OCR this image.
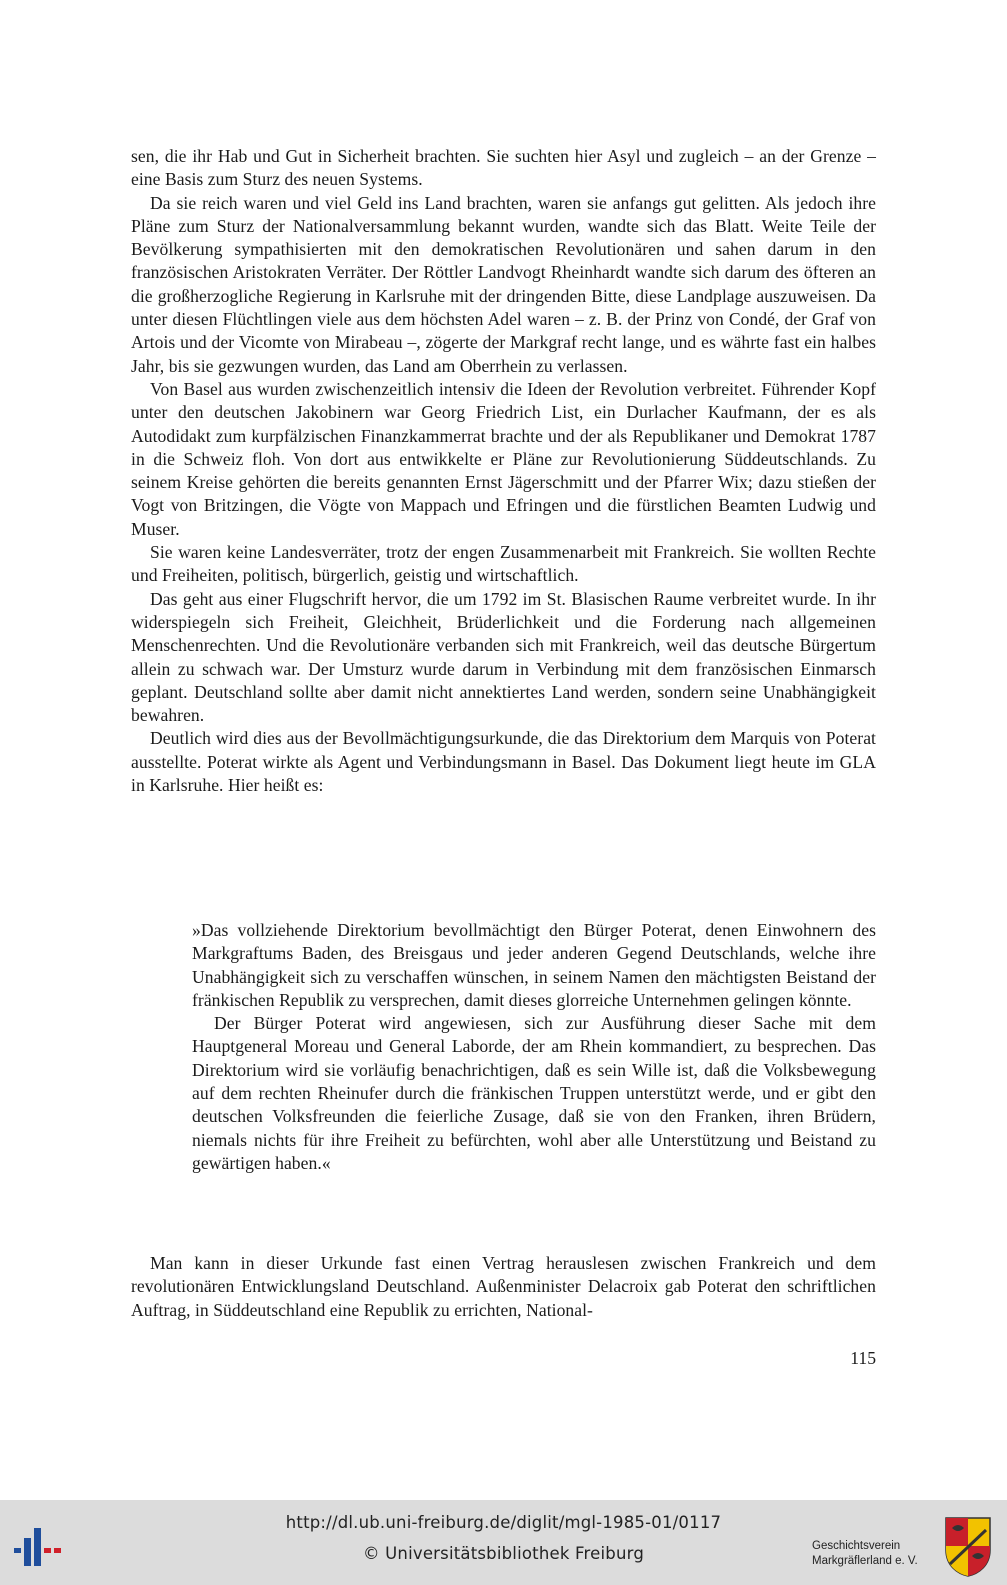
sen, die ihr Hab und Gut in Sicherheit brachten. Sie suchten hier Asyl und zugleich – an der Grenze – eine Basis zum Sturz des neuen Systems.

Da sie reich waren und viel Geld ins Land brachten, waren sie anfangs gut gelitten. Als jedoch ihre Pläne zum Sturz der Nationalversammlung bekannt wurden, wandte sich das Blatt. Weite Teile der Bevölkerung sympathisierten mit den demokratischen Revolutionären und sahen darum in den französischen Aristokraten Verräter. Der Röttler Landvogt Rheinhardt wandte sich darum des öfteren an die großherzogliche Regierung in Karlsruhe mit der dringenden Bitte, diese Landplage auszuweisen. Da unter diesen Flüchtlingen viele aus dem höchsten Adel waren – z. B. der Prinz von Condé, der Graf von Artois und der Vicomte von Mirabeau –, zögerte der Markgraf recht lange, und es währte fast ein halbes Jahr, bis sie gezwungen wurden, das Land am Oberrhein zu verlassen.

Von Basel aus wurden zwischenzeitlich intensiv die Ideen der Revolution verbreitet. Führender Kopf unter den deutschen Jakobinern war Georg Friedrich List, ein Durlacher Kaufmann, der es als Autodidakt zum kurpfälzischen Finanzkammerrat brachte und der als Republikaner und Demokrat 1787 in die Schweiz floh. Von dort aus entwikkelte er Pläne zur Revolutionierung Süddeutschlands. Zu seinem Kreise gehörten die bereits genannten Ernst Jägerschmitt und der Pfarrer Wix; dazu stießen der Vogt von Britzingen, die Vögte von Mappach und Efringen und die fürstlichen Beamten Ludwig und Muser.

Sie waren keine Landesverräter, trotz der engen Zusammenarbeit mit Frankreich. Sie wollten Rechte und Freiheiten, politisch, bürgerlich, geistig und wirtschaftlich.

Das geht aus einer Flugschrift hervor, die um 1792 im St. Blasischen Raume verbreitet wurde. In ihr widerspiegeln sich Freiheit, Gleichheit, Brüderlichkeit und die Forderung nach allgemeinen Menschenrechten. Und die Revolutionäre verbanden sich mit Frankreich, weil das deutsche Bürgertum allein zu schwach war. Der Umsturz wurde darum in Verbindung mit dem französischen Einmarsch geplant. Deutschland sollte aber damit nicht annektiertes Land werden, sondern seine Unabhängigkeit bewahren.

Deutlich wird dies aus der Bevollmächtigungsurkunde, die das Direktorium dem Marquis von Poterat ausstellte. Poterat wirkte als Agent und Verbindungsmann in Basel. Das Dokument liegt heute im GLA in Karlsruhe. Hier heißt es:

»Das vollziehende Direktorium bevollmächtigt den Bürger Poterat, denen Einwohnern des Markgraftums Baden, des Breisgaus und jeder anderen Gegend Deutschlands, welche ihre Unabhängigkeit sich zu verschaffen wünschen, in seinem Namen den mächtigsten Beistand der fränkischen Republik zu versprechen, damit dieses glorreiche Unternehmen gelingen könnte.

Der Bürger Poterat wird angewiesen, sich zur Ausführung dieser Sache mit dem Hauptgeneral Moreau und General Laborde, der am Rhein kommandiert, zu besprechen. Das Direktorium wird sie vorläufig benachrichtigen, daß es sein Wille ist, daß die Volksbewegung auf dem rechten Rheinufer durch die fränkischen Truppen unterstützt werde, und er gibt den deutschen Volksfreunden die feierliche Zusage, daß sie von den Franken, ihren Brüdern, niemals nichts für ihre Freiheit zu befürchten, wohl aber alle Unterstützung und Beistand zu gewärtigen haben.«

Man kann in dieser Urkunde fast einen Vertrag herauslesen zwischen Frankreich und dem revolutionären Entwicklungsland Deutschland. Außenminister Delacroix gab Poterat den schriftlichen Auftrag, in Süddeutschland eine Republik zu errichten, National-

115
http://dl.ub.uni-freiburg.de/diglit/mgl-1985-01/0117
© Universitätsbibliothek Freiburg	Geschichtsverein
Markgräflerland e. V.
